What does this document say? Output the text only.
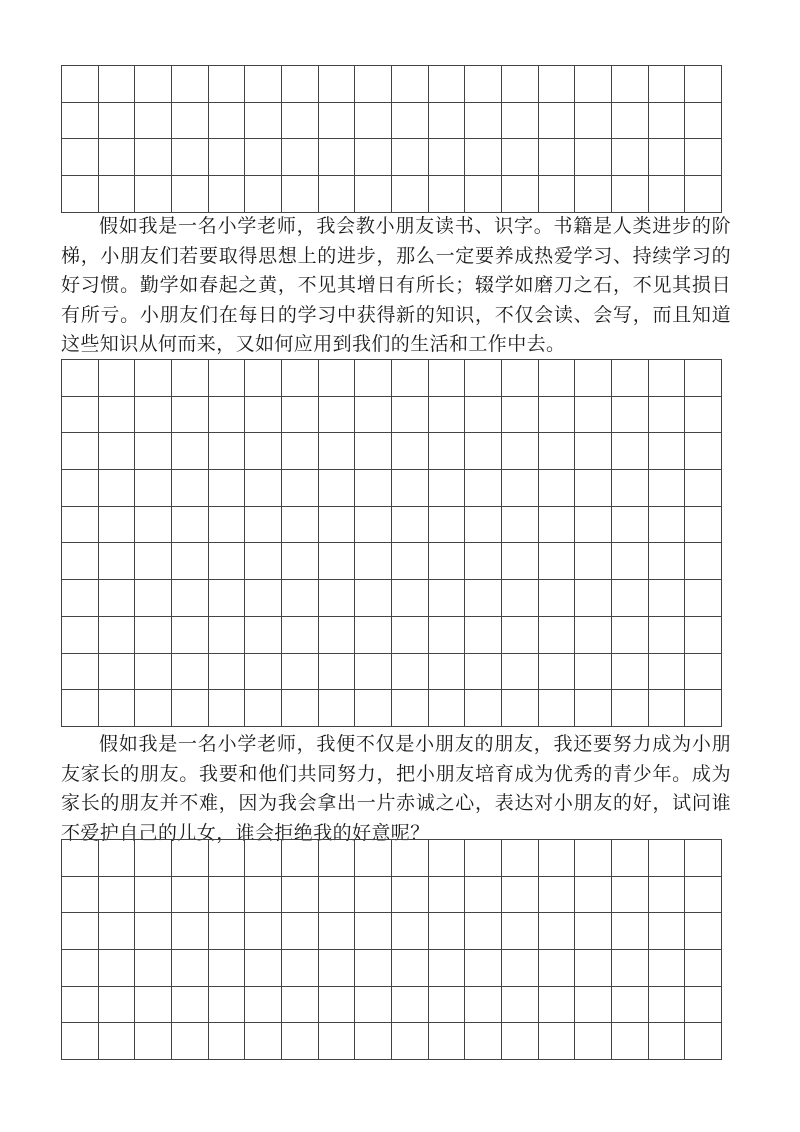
假如我是一名小学老师，我会教小朋友读书、识字。书籍是人类进步的阶梯，小朋友们若要取得思想上的进步，那么一定要养成热爱学习、持续学习的好习惯。勤学如春起之黄，不见其增日有所长；辍学如磨刀之石，不见其损日有所亏。小朋友们在每日的学习中获得新的知识，不仅会读、会写，而且知道这些知识从何而来，又如何应用到我们的生活和工作中去。

假如我是一名小学老师，我便不仅是小朋友的朋友，我还要努力成为小朋友家长的朋友。我要和他们共同努力，把小朋友培育成为优秀的青少年。成为家长的朋友并不难，因为我会拿出一片赤诚之心，表达对小朋友的好，试问谁不爱护自己的儿女，谁会拒绝我的好意呢？
